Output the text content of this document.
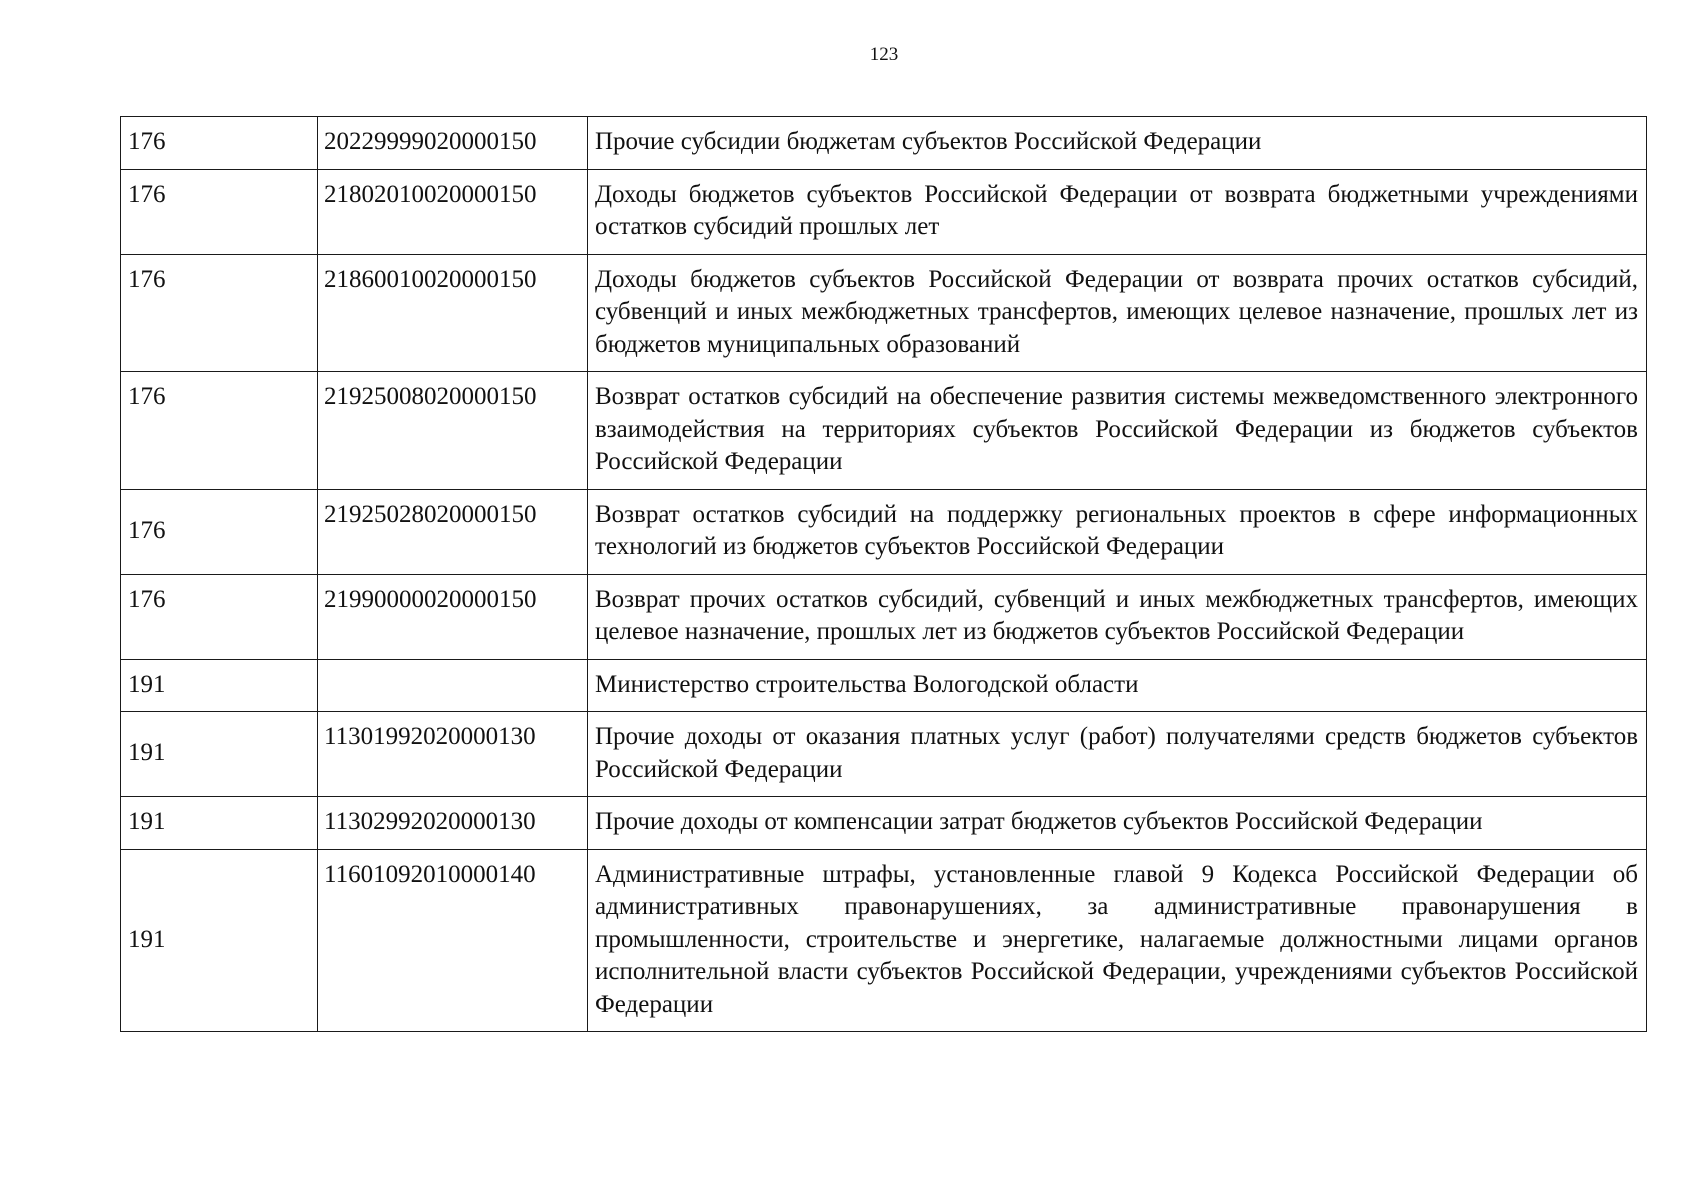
123
176	20229999020000150	Прочие субсидии бюджетам субъектов Российской Федерации
176	21802010020000150	Доходы бюджетов субъектов Российской Федерации от возврата бюджетными учреждениями остатков субсидий прошлых лет
176	21860010020000150	Доходы бюджетов субъектов Российской Федерации от возврата прочих остатков субсидий, субвенций и иных межбюджетных трансфертов, имеющих целевое назначение, прошлых лет из бюджетов муниципальных образований
176	21925008020000150	Возврат остатков субсидий на обеспечение развития системы межведомственного электронного взаимодействия на территориях субъектов Российской Федерации из бюджетов субъектов Российской Федерации
176	21925028020000150	Возврат остатков субсидий на поддержку региональных проектов в сфере информационных технологий из бюджетов субъектов Российской Федерации
176	21990000020000150	Возврат прочих остатков субсидий, субвенций и иных межбюджетных трансфертов, имеющих целевое назначение, прошлых лет из бюджетов субъектов Российской Федерации
191		Министерство строительства Вологодской области
191	11301992020000130	Прочие доходы от оказания платных услуг (работ) получателями средств бюджетов субъектов Российской Федерации
191	11302992020000130	Прочие доходы от компенсации затрат бюджетов субъектов Российской Федерации
191	11601092010000140	Административные штрафы, установленные главой 9 Кодекса Российской Федерации об административных правонарушениях, за административные правонарушения в промышленности, строительстве и энергетике, налагаемые должностными лицами органов исполнительной власти субъектов Российской Федерации, учреждениями субъектов Российской Федерации
